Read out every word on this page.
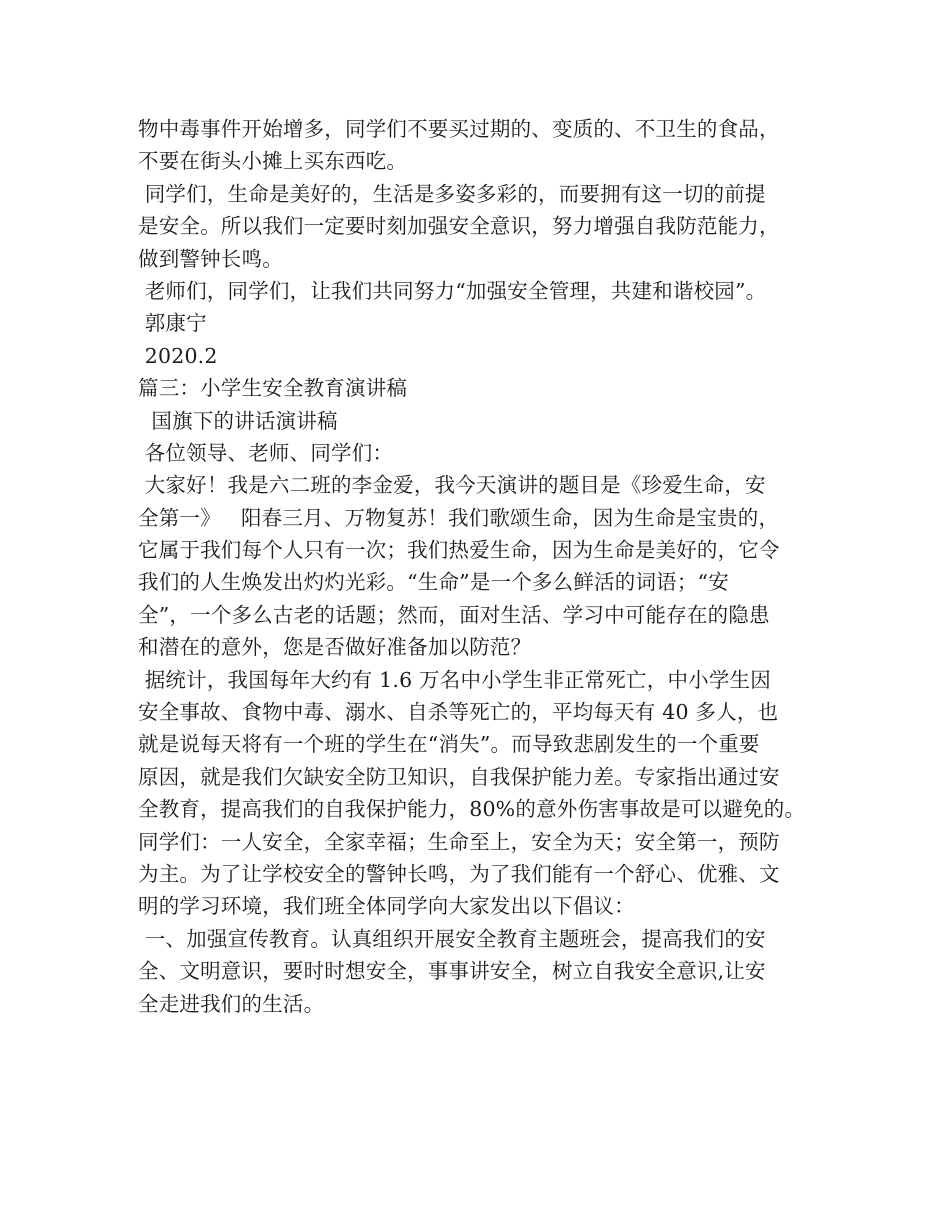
物中毒事件开始增多，同学们不要买过期的、变质的、不卫生的食品，
不要在街头小摊上买东西吃。
同学们，生命是美好的，生活是多姿多彩的，而要拥有这一切的前提
是安全。所以我们一定要时刻加强安全意识，努力增强自我防范能力，
做到警钟长鸣。
老师们，同学们，让我们共同努力“加强安全管理，共建和谐校园”。
郭康宁
2020.2
篇三：小学生安全教育演讲稿
国旗下的讲话演讲稿
各位领导、老师、同学们：
大家好！我是六二班的李金爱，我今天演讲的题目是《珍爱生命，安
全第一》   阳春三月、万物复苏！我们歌颂生命，因为生命是宝贵的，
它属于我们每个人只有一次；我们热爱生命，因为生命是美好的，它令
我们的人生焕发出灼灼光彩。“生命”是一个多么鲜活的词语；“安
全”，一个多么古老的话题；然而，面对生活、学习中可能存在的隐患
和潜在的意外，您是否做好准备加以防范？
据统计，我国每年大约有 1.6 万名中小学生非正常死亡，中小学生因
安全事故、食物中毒、溺水、自杀等死亡的，平均每天有 40 多人，也
就是说每天将有一个班的学生在“消失”。而导致悲剧发生的一个重要
原因，就是我们欠缺安全防卫知识，自我保护能力差。专家指出通过安
全教育，提高我们的自我保护能力，80%的意外伤害事故是可以避免的。
同学们：一人安全，全家幸福；生命至上，安全为天；安全第一，预防
为主。为了让学校安全的警钟长鸣，为了我们能有一个舒心、优雅、文
明的学习环境，我们班全体同学向大家发出以下倡议：
一、加强宣传教育。认真组织开展安全教育主题班会，提高我们的安
全、文明意识，要时时想安全，事事讲安全，树立自我安全意识,让安
全走进我们的生活。
